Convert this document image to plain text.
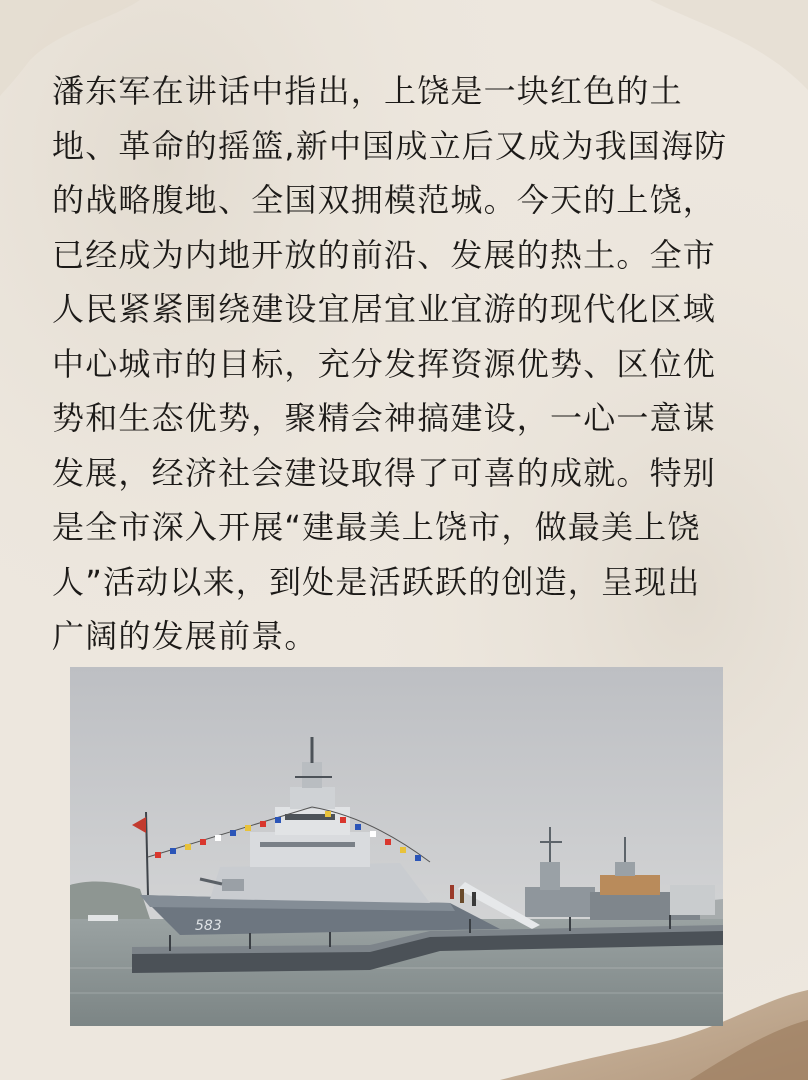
潘东军在讲话中指出，上饶是一块红色的土
地、革命的摇篮,新中国成立后又成为我国海防
的战略腹地、全国双拥模范城。今天的上饶，
已经成为内地开放的前沿、发展的热土。全市
人民紧紧围绕建设宜居宜业宜游的现代化区域
中心城市的目标，充分发挥资源优势、区位优
势和生态优势，聚精会神搞建设，一心一意谋
发展，经济社会建设取得了可喜的成就。特别
是全市深入开展“建最美上饶市，做最美上饶
人”活动以来，到处是活跃跃的创造，呈现出
广阔的发展前景。
583
